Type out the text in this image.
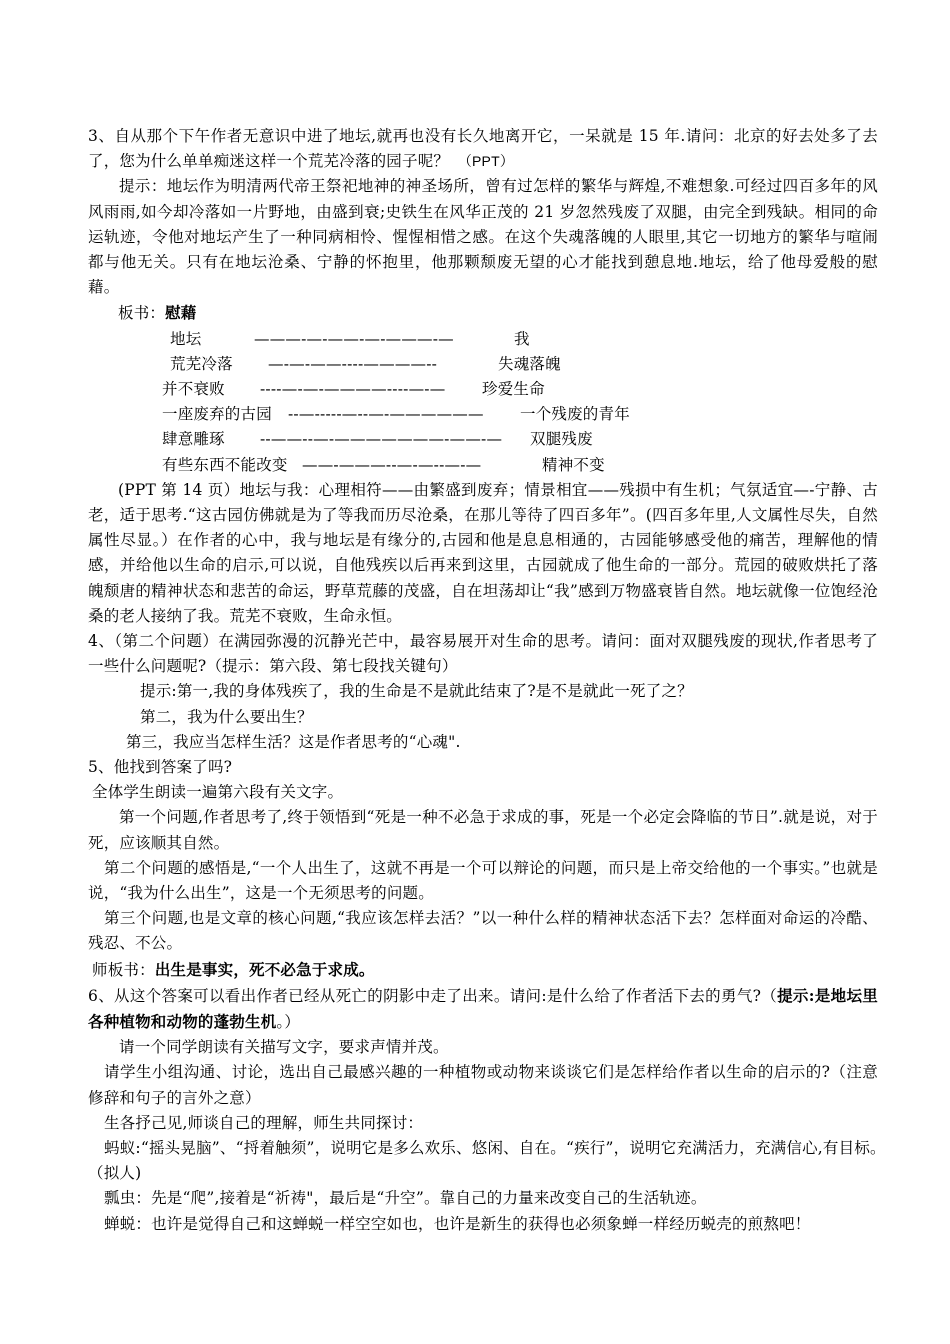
3、自从那个下午作者无意识中进了地坛,就再也没有长久地离开它，一呆就是 15 年.请问：北京的好去处多了去了，您为什么单单痴迷这样一个荒芜冷落的园子呢？　 （PPT）

提示：地坛作为明清两代帝王祭祀地神的神圣场所，曾有过怎样的繁华与辉煌,不难想象.可经过四百多年的风风雨雨,如今却冷落如一片野地，由盛到衰;史铁生在风华正茂的 21 岁忽然残废了双腿，由完全到残缺。相同的命运轨迹，令他对地坛产生了一种同病相怜、惺惺相惜之感。在这个失魂落魄的人眼里,其它一切地方的繁华与喧闹都与他无关。只有在地坛沧桑、宁静的怀抱里，他那颗颓废无望的心才能找到憩息地.地坛，给了他母爱般的慰藉。

板书：慰藉

地坛	———-—-——-—-———-—	我
荒芜冷落 —-—-——----————--	失魂落魄
并不衰败 ----—-—-————----—-— 珍爱生命
一座废弃的古园 --—-----—--—-—————— 一个残废的青年
肆意雕琢 --——--—-———————-——-— 双腿残废
有些东西不能改变 ——-———--—-—--—-—	精神不变

(PPT 第 14 页）地坛与我：心理相符——由繁盛到废弃；情景相宜——残损中有生机；气氛适宜—-宁静、古老，适于思考.“这古园仿佛就是为了等我而历尽沧桑，在那儿等待了四百多年”。(四百多年里,人文属性尽失，自然属性尽显。）在作者的心中，我与地坛是有缘分的,古园和他是息息相通的，古园能够感受他的痛苦，理解他的情感，并给他以生命的启示,可以说，自他残疾以后再来到这里，古园就成了他生命的一部分。荒园的破败烘托了落魄颓唐的精神状态和悲苦的命运，野草荒藤的茂盛，自在坦荡却让“我”感到万物盛衰皆自然。地坛就像一位饱经沧桑的老人接纳了我。荒芜不衰败，生命永恒。

4、（第二个问题）在满园弥漫的沉静光芒中，最容易展开对生命的思考。请问：面对双腿残废的现状,作者思考了一些什么问题呢?（提示：第六段、第七段找关键句）

提示:第一,我的身体残疾了，我的生命是不是就此结束了?是不是就此一死了之？

第二，我为什么要出生？

第三，我应当怎样生活？这是作者思考的“心魂".

5、他找到答案了吗?

全体学生朗读一遍第六段有关文字。

第一个问题,作者思考了,终于领悟到“死是一种不必急于求成的事，死是一个必定会降临的节日”.就是说，对于死，应该顺其自然。

第二个问题的感悟是,“一个人出生了，这就不再是一个可以辩论的问题，而只是上帝交给他的一个事实。”也就是说，“我为什么出生”，这是一个无须思考的问题。

第三个问题,也是文章的核心问题,“我应该怎样去活？”以一种什么样的精神状态活下去？怎样面对命运的冷酷、残忍、不公。

师板书：出生是事实，死不必急于求成。

6、从这个答案可以看出作者已经从死亡的阴影中走了出来。请问:是什么给了作者活下去的勇气?（提示:是地坛里各种植物和动物的蓬勃生机。）

请一个同学朗读有关描写文字，要求声情并茂。

请学生小组沟通、讨论，选出自己最感兴趣的一种植物或动物来谈谈它们是怎样给作者以生命的启示的?（注意修辞和句子的言外之意）

生各抒己见,师谈自己的理解，师生共同探讨：

蚂蚁:“摇头晃脑”、“捋着触须”，说明它是多么欢乐、悠闲、自在。“疾行”，说明它充满活力，充满信心,有目标。　（拟人)

瓢虫：先是“爬”,接着是“祈祷"，最后是“升空”。靠自己的力量来改变自己的生活轨迹。

蝉蜕：也许是觉得自己和这蝉蜕一样空空如也，也许是新生的获得也必须象蝉一样经历蜕壳的煎熬吧！
